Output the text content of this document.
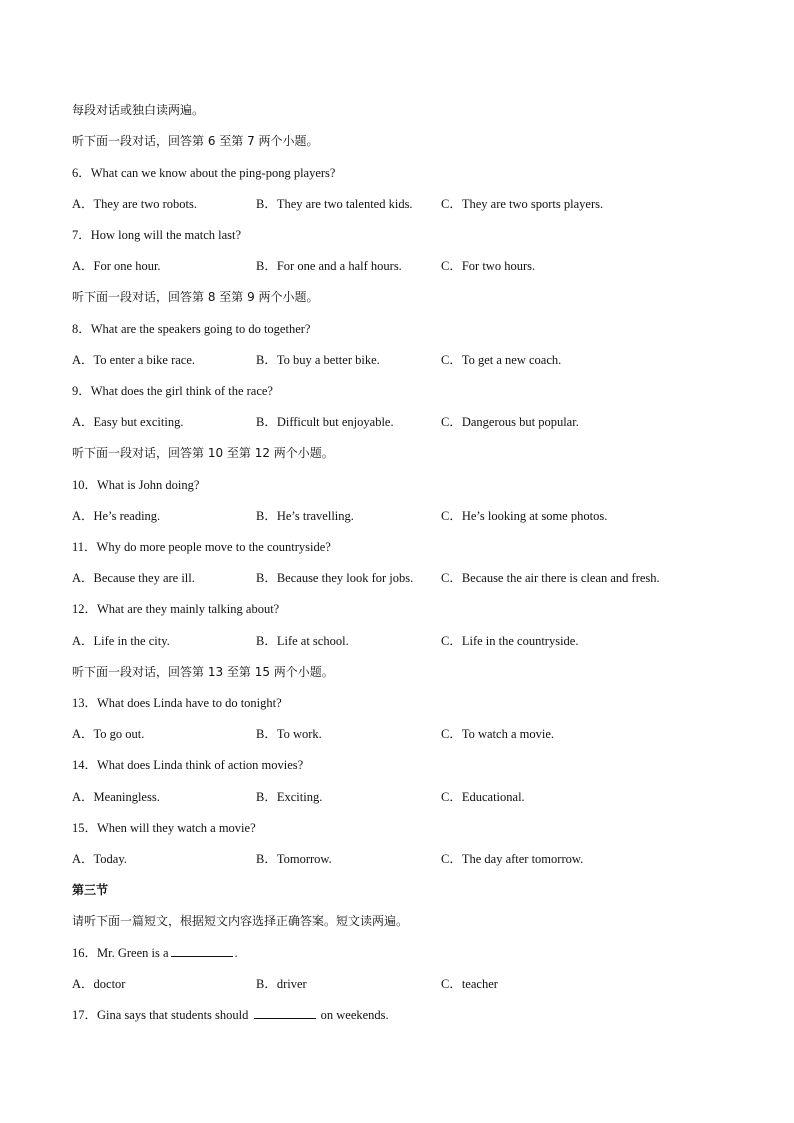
每段对话或独白读两遍。
听下面一段对话，回答第 6 至第 7 两个小题。
6．What can we know about the ping-pong players?
A．They are two robots.	B．They are two talented kids. C．They are two sports players.
7．How long will the match last?
A．For one hour.	B．For one and a half hours.	C．For two hours.
听下面一段对话，回答第 8 至第 9 两个小题。
8．What are the speakers going to do together?
A．To enter a bike race.	B．To buy a better bike.	C．To get a new coach.
9．What does the girl think of the race?
A．Easy but exciting.	B．Difficult but enjoyable.	C．Dangerous but popular.
听下面一段对话，回答第 10 至第 12 两个小题。
10．What is John doing?
A．He’s reading.	B．He’s travelling.	C．He’s looking at some photos.
11．Why do more people move to the countryside?
A．Because they are ill.	B．Because they look for jobs. C．Because the air there is clean and fresh.
12．What are they mainly talking about?
A．Life in the city.	B．Life at school.	C．Life in the countryside.
听下面一段对话，回答第 13 至第 15 两个小题。
13．What does Linda have to do tonight?
A．To go out.	B．To work.	C．To watch a movie.
14．What does Linda think of action movies?
A．Meaningless.	B．Exciting.	C．Educational.
15．When will they watch a movie?
A．Today.	B．Tomorrow.	C．The day after tomorrow.
第三节
请听下面一篇短文，根据短文内容选择正确答案。短文读两遍。
16．Mr. Green is a	.
A．doctor	B．driver	C．teacher
17．Gina says that students should	on weekends.
